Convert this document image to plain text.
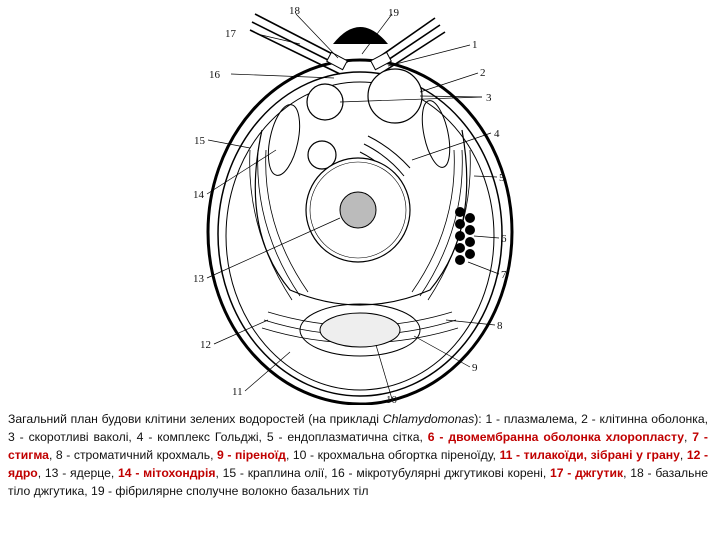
1
2
3
4
5
6
7
8
9
10
11
12
13
14
15
16
17
18	19
Загальний план будови клітини зелених водоростей (на прикладі Chlamydomonas): 1 - плазмалема, 2 - клітинна оболонка, 3 - скоротливі ваколі, 4 - комплекс Гольджі, 5 - ендоплазматична сітка, 6 - двомембранна оболонка хлоропласту, 7 - стигма, 8 - строматичний крохмаль, 9 - піреноїд, 10 - крохмальна обгортка піреноїду, 11 - тилакоїди, зібрані у грану, 12 - ядро, 13 - ядерце, 14 - мітохондрія, 15 - краплина олії, 16 - мікротубулярні джгутикові корені, 17 - джгутик, 18 - базальне тіло джгутика, 19 - фібрилярне сполучне волокно базальних тіл
